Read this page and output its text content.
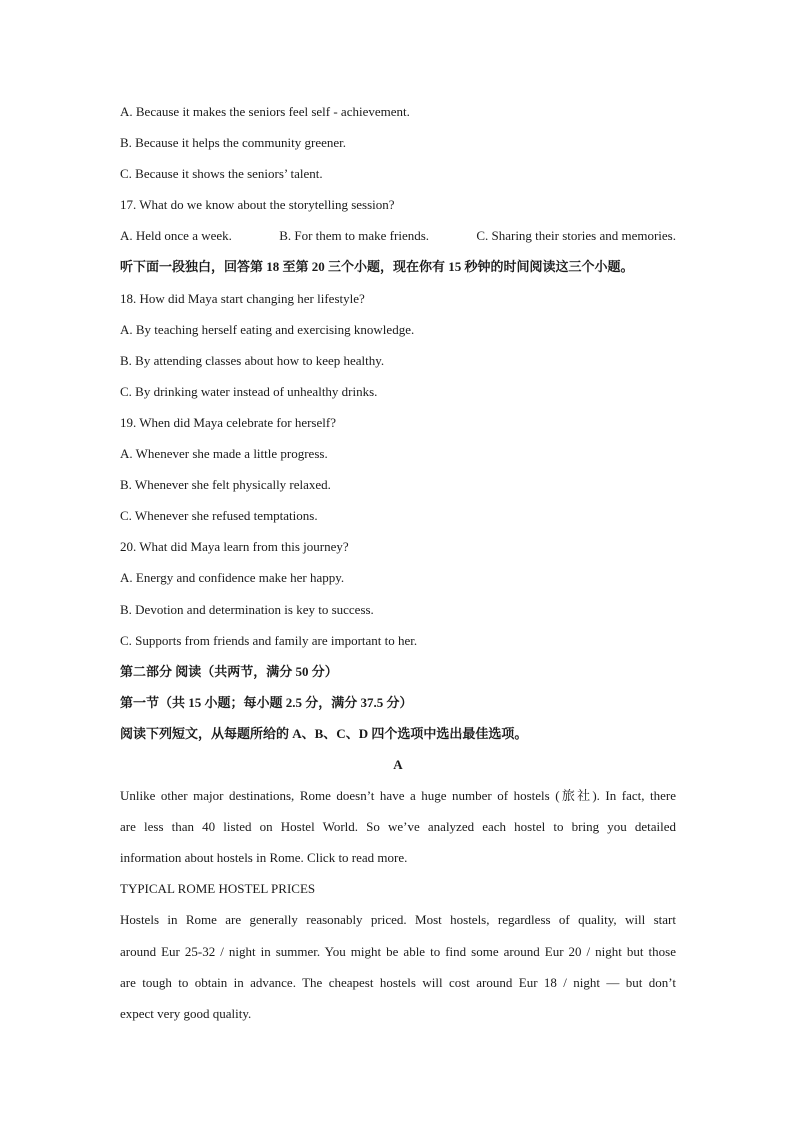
A. Because it makes the seniors feel self - achievement.
B. Because it helps the community greener.
C. Because it shows the seniors’ talent.
17. What do we know about the storytelling session?
A. Held once a week.	B. For them to make friends.	C. Sharing their stories and memories.
听下面一段独白，回答第 18 至第 20 三个小题，现在你有 15 秒钟的时间阅读这三个小题。
18. How did Maya start changing her lifestyle?
A. By teaching herself eating and exercising knowledge.
B. By attending classes about how to keep healthy.
C. By drinking water instead of unhealthy drinks.
19. When did Maya celebrate for herself?
A. Whenever she made a little progress.
B. Whenever she felt physically relaxed.
C. Whenever she refused temptations.
20. What did Maya learn from this journey?
A. Energy and confidence make her happy.
B. Devotion and determination is key to success.
C. Supports from friends and family are important to her.
第二部分 阅读（共两节，满分 50 分）
第一节（共 15 小题；每小题 2.5 分，满分 37.5 分）
阅读下列短文，从每题所给的 A、B、C、D 四个选项中选出最佳选项。
A
Unlike other major destinations, Rome doesn’t have a huge number of hostels (旅社). In fact, there
are less than 40 listed on Hostel World. So we’ve analyzed each hostel to bring you detailed
information about hostels in Rome. Click to read more.
TYPICAL ROME HOSTEL PRICES
Hostels in Rome are generally reasonably priced. Most hostels, regardless of quality, will start
around Eur 25-32 / night in summer. You might be able to find some around Eur 20 / night but those
are tough to obtain in advance. The cheapest hostels will cost around Eur 18 / night — but don’t
expect very good quality.
